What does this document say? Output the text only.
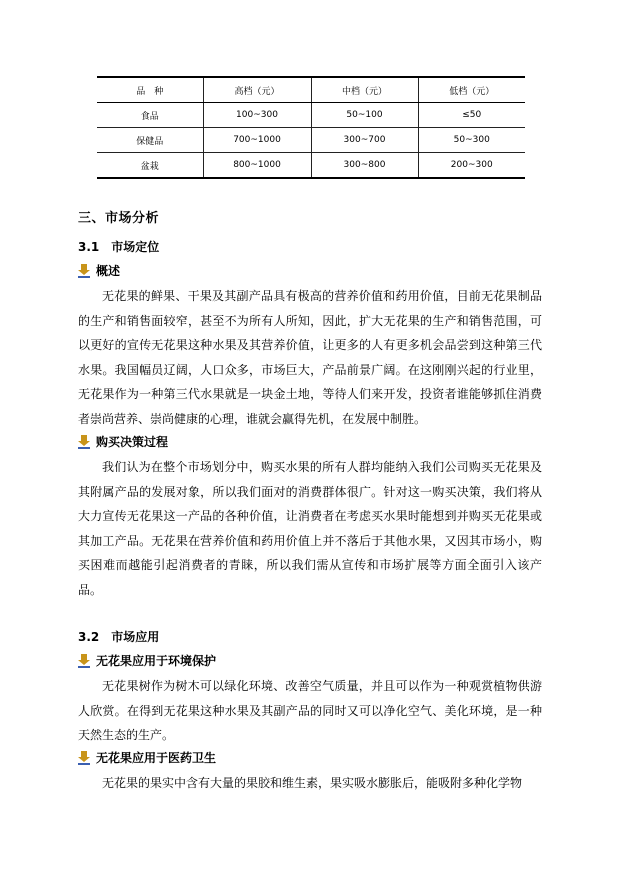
品　种	高档（元）	中档（元）	低档（元）
食品	100~300	50~100	≤50
保健品	700~1000	300~700	50~300
盆栽	800~1000	300~800	200~300
三、市场分析
3.1　市场定位
概述

无花果的鲜果、干果及其副产品具有极高的营养价值和药用价值，目前无花果制品的生产和销售面较窄，甚至不为所有人所知，因此，扩大无花果的生产和销售范围，可以更好的宣传无花果这种水果及其营养价值，让更多的人有更多机会品尝到这种第三代水果。我国幅员辽阔，人口众多，市场巨大，产品前景广阔。在这刚刚兴起的行业里，无花果作为一种第三代水果就是一块金土地，等待人们来开发，投资者谁能够抓住消费者崇尚营养、崇尚健康的心理，谁就会赢得先机，在发展中制胜。

购买决策过程

我们认为在整个市场划分中，购买水果的所有人群均能纳入我们公司购买无花果及其附属产品的发展对象，所以我们面对的消费群体很广。针对这一购买决策，我们将从大力宣传无花果这一产品的各种价值，让消费者在考虑买水果时能想到并购买无花果或其加工产品。无花果在营养价值和药用价值上并不落后于其他水果，又因其市场小，购买困难而越能引起消费者的青睐，所以我们需从宣传和市场扩展等方面全面引入该产品。

3.2　市场应用
无花果应用于环境保护

无花果树作为树木可以绿化环境、改善空气质量，并且可以作为一种观赏植物供游人欣赏。在得到无花果这种水果及其副产品的同时又可以净化空气、美化环境，是一种天然生态的生产。

无花果应用于医药卫生

无花果的果实中含有大量的果胶和维生素，果实吸水膨胀后，能吸附多种化学物
